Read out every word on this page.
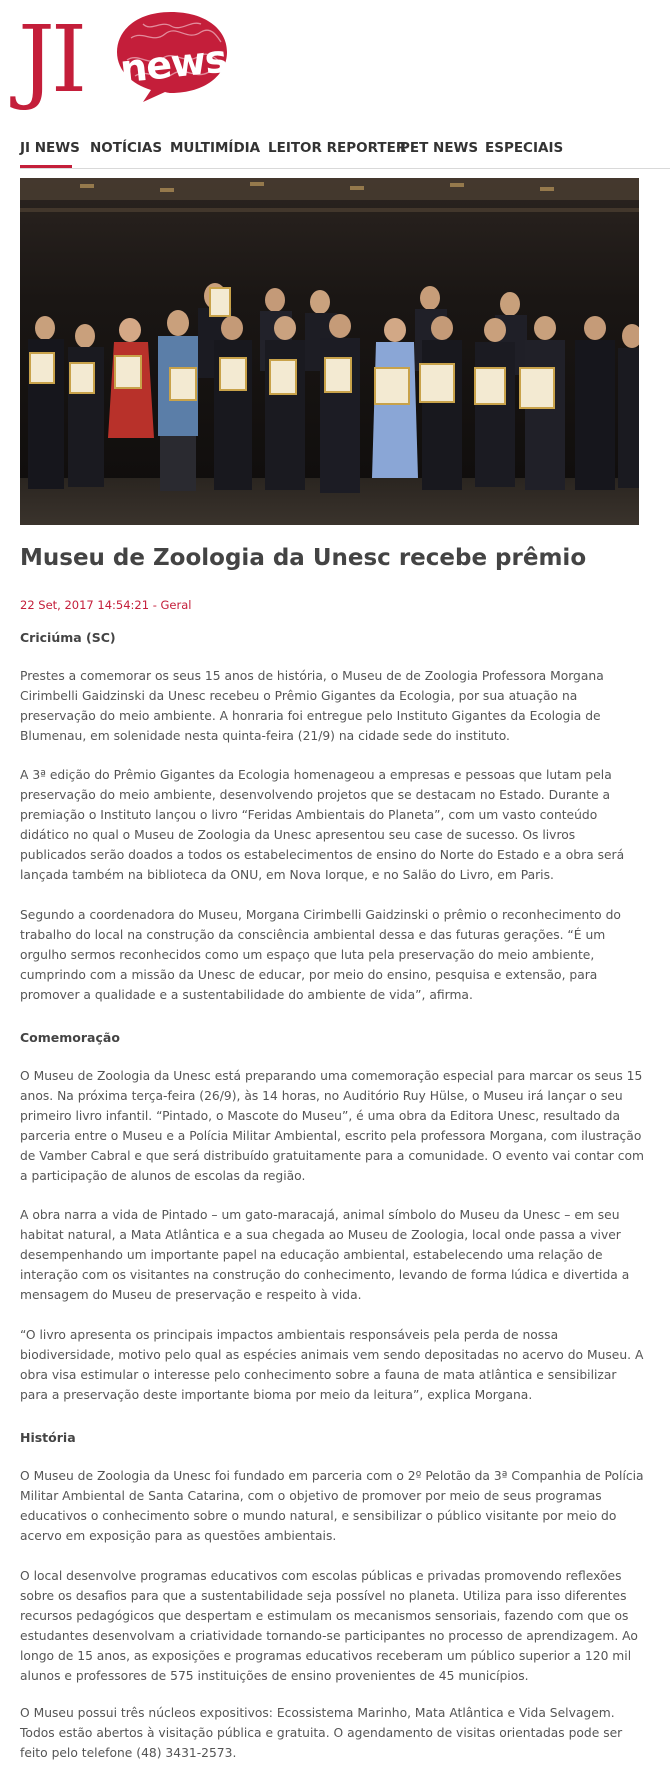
JI news
JI NEWS NOTÍCIAS MULTIMÍDIA LEITOR REPORTER
PET NEWS ESPECIAIS
Museu de Zoologia da Unesc recebe prêmio
22 Set, 2017 14:54:21 - Geral
Criciúma (SC)

Prestes a comemorar os seus 15 anos de história, o Museu de de Zoologia Professora Morgana Cirimbelli Gaidzinski da Unesc recebeu o Prêmio Gigantes da Ecologia, por sua atuação na preservação do meio ambiente. A honraria foi entregue pelo Instituto Gigantes da Ecologia de Blumenau, em solenidade nesta quinta-feira (21/9) na cidade sede do instituto.

A 3ª edição do Prêmio Gigantes da Ecologia homenageou a empresas e pessoas que lutam pela preservação do meio ambiente, desenvolvendo projetos que se destacam no Estado. Durante a premiação o Instituto lançou o livro “Feridas Ambientais do Planeta”, com um vasto conteúdo didático no qual o Museu de Zoologia da Unesc apresentou seu case de sucesso. Os livros publicados serão doados a todos os estabelecimentos de ensino do Norte do Estado e a obra será lançada também na biblioteca da ONU, em Nova Iorque, e no Salão do Livro, em Paris.

Segundo a coordenadora do Museu, Morgana Cirimbelli Gaidzinski o prêmio o reconhecimento do trabalho do local na construção da consciência ambiental dessa e das futuras gerações. “É um orgulho sermos reconhecidos como um espaço que luta pela preservação do meio ambiente, cumprindo com a missão da Unesc de educar, por meio do ensino, pesquisa e extensão, para promover a qualidade e a sustentabilidade do ambiente de vida”, afirma.

Comemoração

O Museu de Zoologia da Unesc está preparando uma comemoração especial para marcar os seus 15 anos. Na próxima terça-feira (26/9), às 14 horas, no Auditório Ruy Hülse, o Museu irá lançar o seu primeiro livro infantil. “Pintado, o Mascote do Museu”, é uma obra da Editora Unesc, resultado da parceria entre o Museu e a Polícia Militar Ambiental, escrito pela professora Morgana, com ilustração de Vamber Cabral e que será distribuído gratuitamente para a comunidade. O evento vai contar com a participação de alunos de escolas da região.

A obra narra a vida de Pintado – um gato-maracajá, animal símbolo do Museu da Unesc – em seu habitat natural, a Mata Atlântica e a sua chegada ao Museu de Zoologia, local onde passa a viver desempenhando um importante papel na educação ambiental, estabelecendo uma relação de interação com os visitantes na construção do conhecimento, levando de forma lúdica e divertida a mensagem do Museu de preservação e respeito à vida.

“O livro apresenta os principais impactos ambientais responsáveis pela perda de nossa biodiversidade, motivo pelo qual as espécies animais vem sendo depositadas no acervo do Museu. A obra visa estimular o interesse pelo conhecimento sobre a fauna de mata atlântica e sensibilizar para a preservação deste importante bioma por meio da leitura”, explica Morgana.

História

O Museu de Zoologia da Unesc foi fundado em parceria com o 2º Pelotão da 3ª Companhia de Polícia Militar Ambiental de Santa Catarina, com o objetivo de promover por meio de seus programas educativos o conhecimento sobre o mundo natural, e sensibilizar o público visitante por meio do acervo em exposição para as questões ambientais.

O local desenvolve programas educativos com escolas públicas e privadas promovendo reflexões sobre os desafios para que a sustentabilidade seja possível no planeta. Utiliza para isso diferentes recursos pedagógicos que despertam e estimulam os mecanismos sensoriais, fazendo com que os estudantes desenvolvam a criatividade tornando-se participantes no processo de aprendizagem. Ao longo de 15 anos, as exposições e programas educativos receberam um público superior a 120 mil alunos e professores de 575 instituições de ensino provenientes de 45 municípios.

O Museu possui três núcleos expositivos: Ecossistema Marinho, Mata Atlântica e Vida Selvagem. Todos estão abertos à visitação pública e gratuita. O agendamento de visitas orientadas pode ser feito pelo telefone (48) 3431-2573.
